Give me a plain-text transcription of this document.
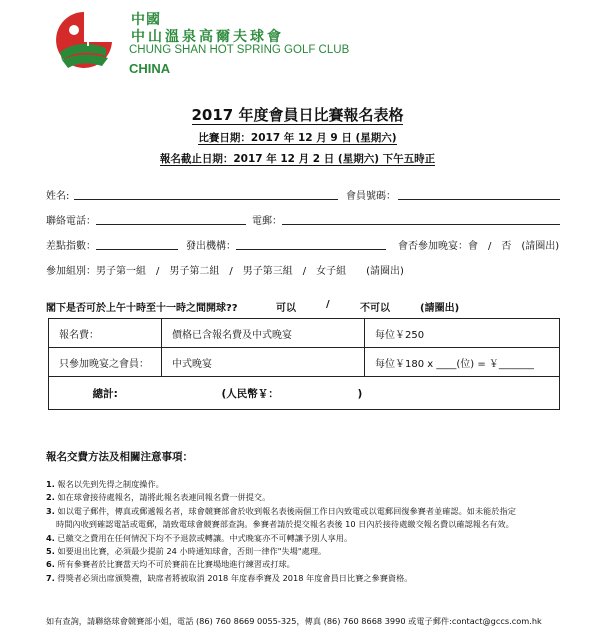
中國
中山溫泉高爾夫球會
CHUNG SHAN HOT SPRING GOLF CLUB
CHINA
2017 年度會員日比賽報名表格
比賽日期：2017 年 12 月 9 日 (星期六)
報名截止日期：2017 年 12 月 2 日 (星期六) 下午五時正
姓名:	會員號碼：
聯絡電話：	電郵：
差點指數：	發出機構：	會否參加晚宴：會　/　否　(請圈出)
參加組別：男子第一組　/　男子第二組　/　男子第三組　/　女子組　　(請圈出)
閣下是否可於上午十時至十一時之間開球??	可以	/	不可以	(請圈出)
報名費：	價格已含報名費及中式晚宴	每位￥250
只參加晚宴之會員：	中式晚宴	每位￥180 x ____(位) = ￥_______
總計:	(人民幣￥：　　　　　　　　)	
報名交費方法及相關注意事項：
1. 報名以先到先得之制度操作。
2. 如在球會接待處報名，請將此報名表連同報名費一併提交。
3. 如以電子郵件，傳真或郵遞報名者，球會競賽部會於收到報名表後兩個工作日內致電或以電郵回復參賽者並確認。如未能於指定
時間內收到確認電話或電郵，請致電球會競賽部查詢。參賽者請於提交報名表後 10 日內於接待處繳交報名費以確認報名有效。
4. 已繳交之費用在任何情況下均不予退款或轉讓。中式晚宴亦不可轉讓予別人享用。
5. 如要退出比賽，必須最少提前 24 小時通知球會，否則一律作"失場"處理。
6. 所有參賽者於比賽當天均不可於賽前在比賽場地進行練習或打球。
7. 得獎者必須出席頒獎禮，缺席者將被取消 2018 年度春季賽及 2018 年度會員日比賽之參賽資格。
如有查詢，請聯絡球會競賽部小姐，電話 (86) 760 8669 0055-325，傳真 (86) 760 8668 3990 或電子郵件:contact@gccs.com.hk
